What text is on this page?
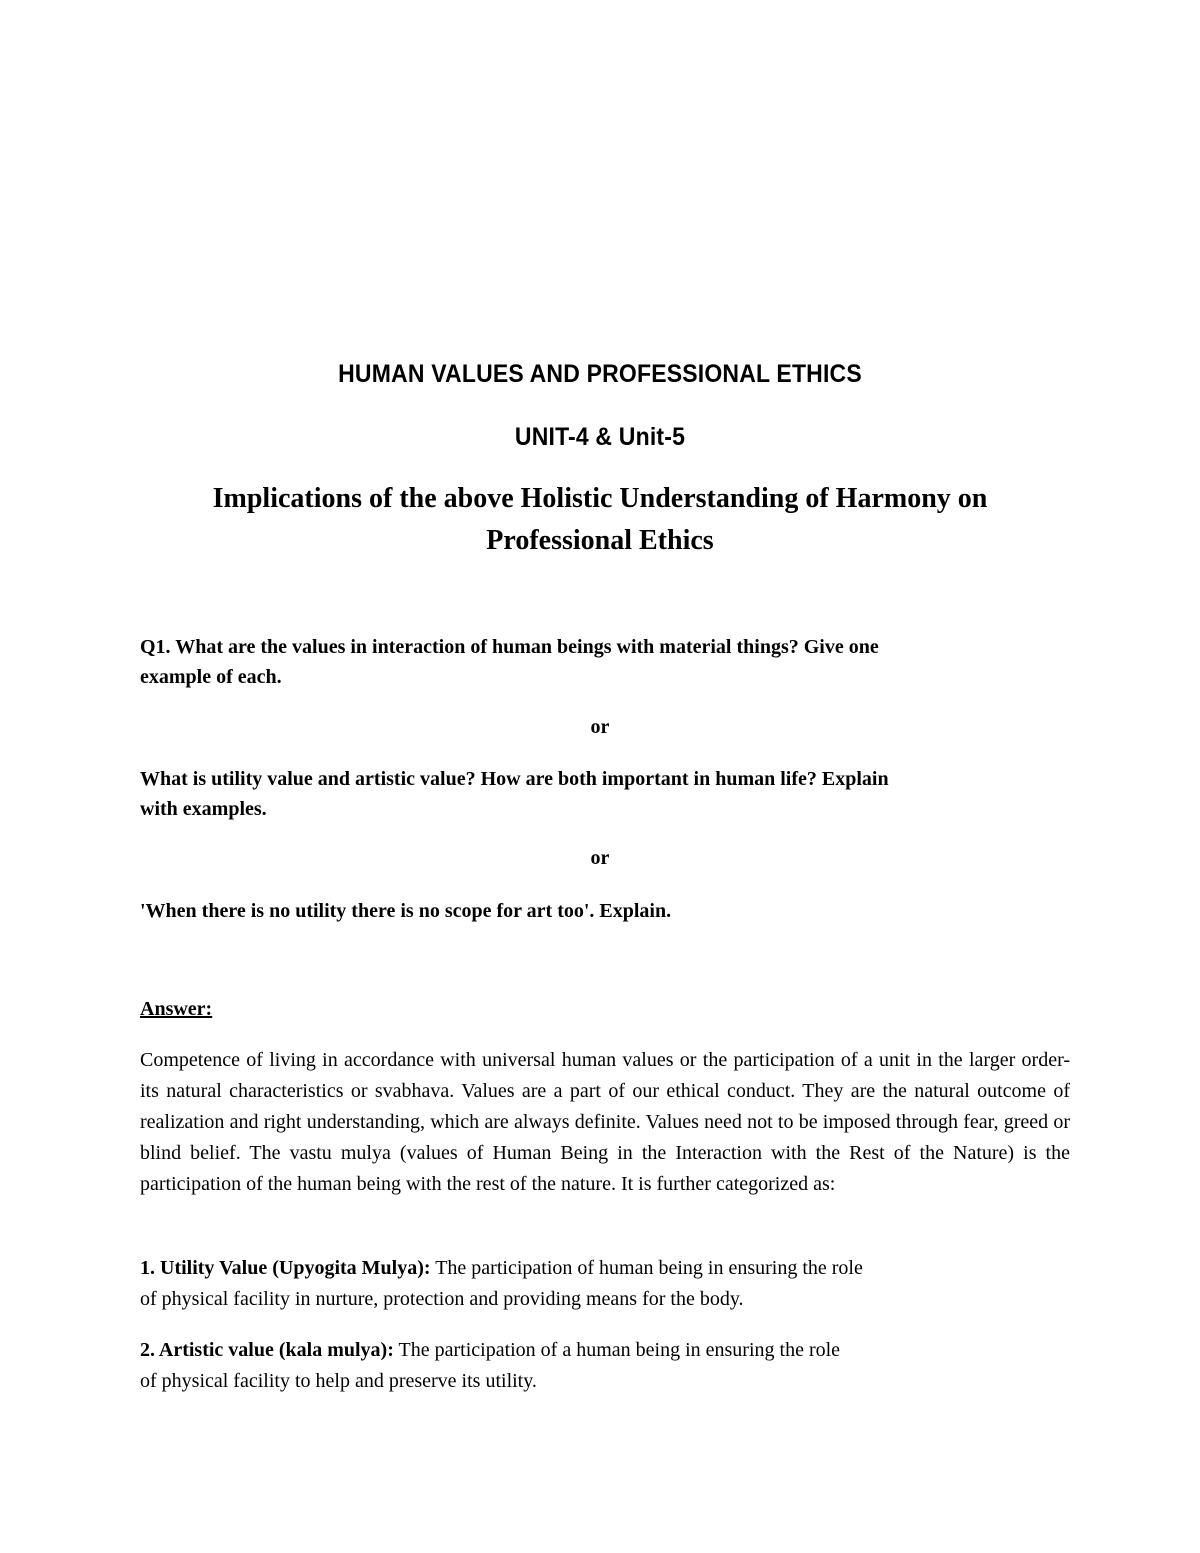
HUMAN VALUES AND PROFESSIONAL ETHICS
UNIT-4 & Unit-5
Implications of the above Holistic Understanding of Harmony on
Professional Ethics
Q1. What are the values in interaction of human beings with material things? Give one
example of each.
or
What is utility value and artistic value? How are both important in human life? Explain
with examples.
or
'When there is no utility there is no scope for art too'. Explain.
Answer:
Competence of living in accordance with universal human values or the participation of a unit in the larger order- its natural characteristics or svabhava. Values are a part of our ethical conduct. They are the natural outcome of realization and right understanding, which are always definite. Values need not to be imposed through fear, greed or blind belief. The vastu mulya (values of Human Being in the Interaction with the Rest of the Nature) is the participation of the human being with the rest of the nature. It is further categorized as:
1. Utility Value (Upyogita Mulya): The participation of human being in ensuring the role
of physical facility in nurture, protection and providing means for the body.
2. Artistic value (kala mulya): The participation of a human being in ensuring the role
of physical facility to help and preserve its utility.
